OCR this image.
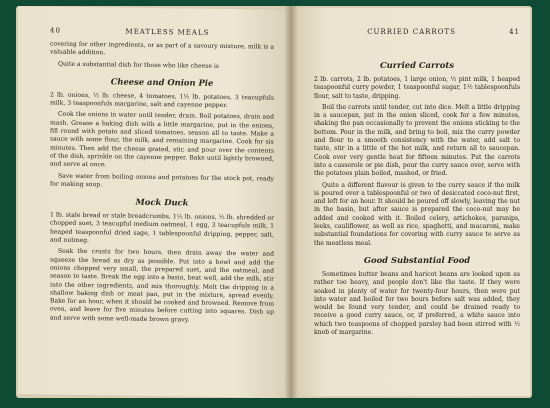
40	MEATLESS MEALS

covering for other ingredients, or as part of a savoury mixture, milk is a valuable addition.

Quite a substantial dish for those who like cheese is

Cheese and Onion Pie

2 lb. onions, ½ lb. cheese, 4 tomatoes, 1½ lb. potatoes, 3 teacupfuls milk, 3 teaspoonfuls margarine, salt and cayenne pepper.

Cook the onions in water until tender, drain. Boil potatoes, drain and mash. Grease a baking dish with a little margarine, put in the onions, fill round with potato and sliced tomatoes, season all to taste. Make a sauce with some flour, the milk, and remaining margarine. Cook for six minutes. Then add the cheese grated, stir, and pour over the contents of the dish, sprinkle on the cayenne pepper. Bake until lightly browned, and serve at once.

Save water from boiling onions and potatoes for the stock pot, ready for making soup.

Mock Duck

1 lb. stale bread or stale breadcrumbs, 1½ lb. onions, ½ lb. shredded or chopped suet, 3 teacupful medium oatmeal, 1 egg, 3 teacupfuls milk, 1 heaped teaspoonful dried sage, 1 tablespoonful dripping, pepper, salt, and nutmeg.

Soak the crusts for two hours, then drain away the water and squeeze the bread as dry as possible. Put into a bowl and add the onions chopped very small, the prepared suet, and the oatmeal, and season to taste. Break the egg into a basin, beat well, add the milk, stir into the other ingredients, and mix thoroughly. Melt the dripping in a shallow baking dish or meat pan, put in the mixture, spread evenly. Bake for an hour, when it should be cooked and browned. Remove from oven, and leave for five minutes before cutting into squares. Dish up and serve with some well-made brown gravy.

CURRIED CARROTS	41
Curried Carrots

2 lb. carrots, 2 lb. potatoes, 1 large onion, ½ pint milk, 1 heaped teaspoonful curry powder, 1 teaspoonful sugar, 1½ tablespoonfuls flour, salt to taste, dripping.

Boil the carrots until tender, cut into dice. Melt a little dripping in a saucepan, put in the onion sliced, cook for a few minutes, shaking the pan occasionally to prevent the onions sticking to the bottom. Pour in the milk, and bring to boil, mix the curry powder and flour to a smooth consistency with the water, add salt to taste, stir in a little of the hot milk, and return all to saucepan. Cook over very gentle heat for fifteen minutes. Put the carrots into a casserole or pie dish, pour the curry sauce over, serve with the potatoes plain boiled, mashed, or fried.

Quite a different flavour is given to the curry sauce if the milk is poured over a tablespoonful or two of desiccated coco-nut first, and left for an hour. It should be poured off slowly, leaving the nut in the basin, but after sauce is prepared the coco-nut may be added and cooked with it. Boiled celery, artichokes, parsnips, leeks, cauliflower, as well as rice, spaghetti, and macaroni, make substantial foundations for covering with curry sauce to serve as the meatless meal.

Good Substantial Food

Sometimes butter beans and haricot beans are looked upon as rather too heavy, and people don't like the taste. If they were soaked in plenty of water for twenty-four hours, then were put into water and boiled for two hours before salt was added, they would be found very tender, and could be drained ready to receive a good curry sauce, or, if preferred, a white sauce into which two teaspoons of chopped parsley had been stirred with ½ knob of margarine.
